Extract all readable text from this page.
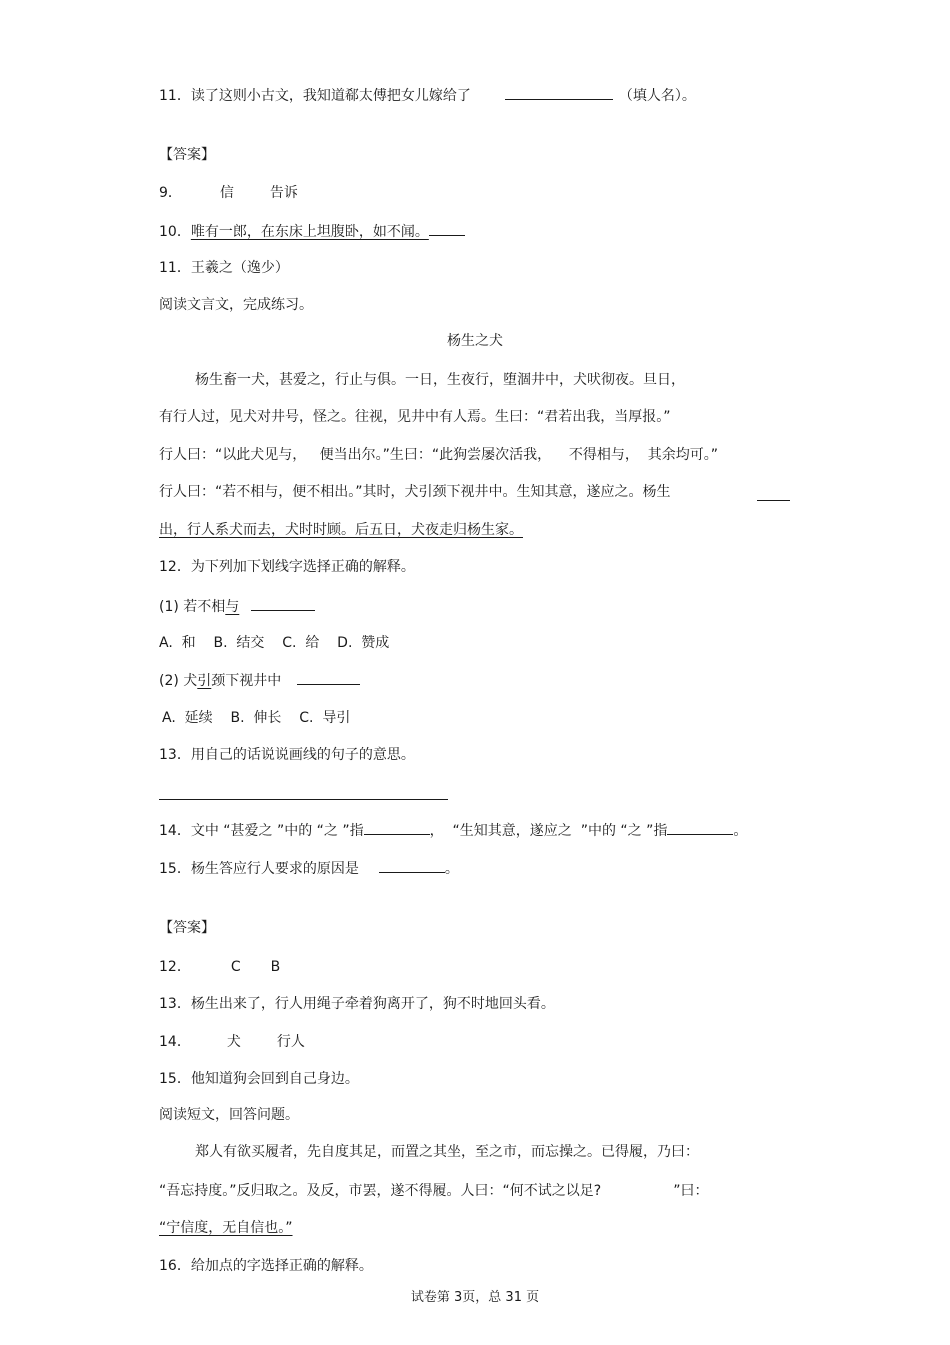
11．读了这则小古文，我知道郗太傅把女儿嫁给了	（填人名）。
【答案】
9．	信	告诉
10．唯有一郎，在东床上坦腹卧，如不闻。
11．王羲之（逸少）
阅读文言文，完成练习。
杨生之犬
杨生畜一犬，甚爱之，行止与俱。一日，生夜行，堕涸井中，犬吠彻夜。旦日，
有行人过，见犬对井号，怪之。往视，见井中有人焉。生曰：“君若出我，当厚报。”
行人曰：“以此犬见与，   便当出尔。”生曰：“此狗尝屡次活我，    不得相与，  其余均可。”
行人曰：“若不相与，便不相出。”其时，犬引颈下视井中。生知其意，遂应之。杨生
出，行人系犬而去，犬时时顾。后五日，犬夜走归杨生家。
12．为下列加下划线字选择正确的解释。
(1) 若不相与
A.  和    B.  结交    C.  给    D.  赞成
(2) 犬引颈下视井中
A.  延续    B.  伸长    C.  导引
13．用自己的话说说画线的句子的意思。
14．文中 “甚爱之 ”中的 “之 ”指	，  “生知其意，遂应之  ”中的 “之 ”指	。
15．杨生答应行人要求的原因是	。
【答案】
12．	C B
13．杨生出来了，行人用绳子牵着狗离开了，狗不时地回头看。
14．	犬	行人
15．他知道狗会回到自己身边。
阅读短文，回答问题。
郑人有欲买履者，先自度其足，而置之其坐，至之市，而忘操之。已得履，乃曰：
“吾忘持度。”反归取之。及反，市罢，遂不得履。人曰：“何不试之以足?	”曰：
“宁信度，无自信也。”
16．给加点的字选择正确的解释。
试卷第 3页，总 31 页
